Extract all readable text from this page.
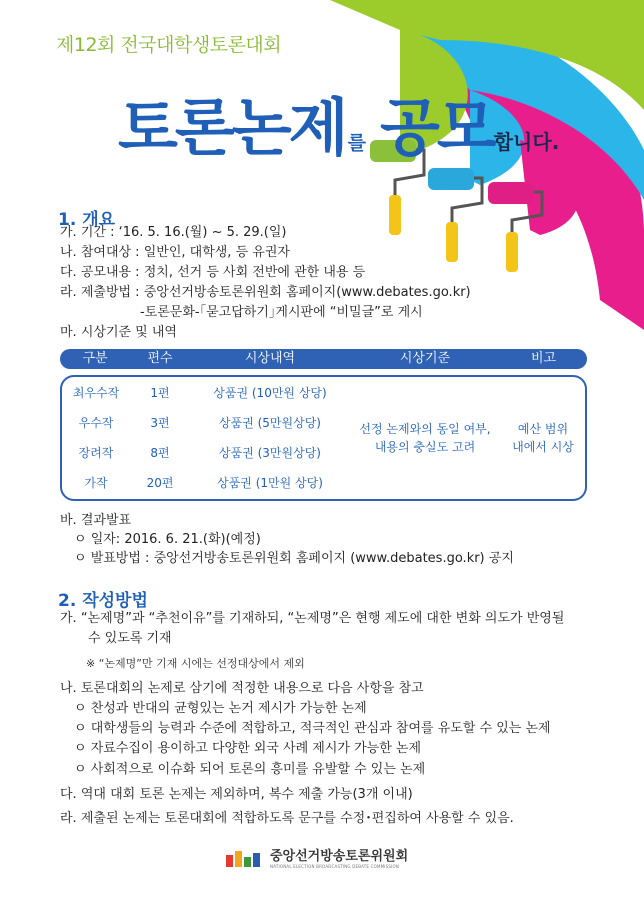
제12회 전국대학생토론대회
토론논제 를 공모합니다.
1. 개요
가. 기간 : ‘16. 5. 16.(월) ~ 5. 29.(일)
나. 참여대상 : 일반인, 대학생, 등 유권자
다. 공모내용 : 정치, 선거 등 사회 전반에 관한 내용 등
라. 제출방법 : 중앙선거방송토론위원회 홈페이지(www.debates.go.kr)
-토론문화-｢묻고답하기｣게시판에 “비밀글”로 게시
마. 시상기준 및 내역
구분	편수	시상내역	시상기준	비고
최우수작	1편	상품권 (10만원 상당)
우수작	3편	상품권 (5만원상당)
장려작	8편	상품권 (3만원상당)
가작	20편	상품권 (1만원 상당)
선정 논제와의 동일 여부,
내용의 충실도 고려
예산 범위
내에서 시상
바. 결과발표
ㅇ 일자: 2016. 6. 21.(화)(예정)
ㅇ 발표방법 : 중앙선거방송토론위원회 홈페이지 (www.debates.go.kr) 공지
2. 작성방법
가. “논제명”과 “추천이유”를 기재하되, “논제명”은 현행 제도에 대한 변화 의도가 반영될
수 있도록 기재
※ “논제명”만 기재 시에는 선정대상에서 제외
나. 토론대회의 논제로 삼기에 적정한 내용으로 다음 사항을 참고
ㅇ 찬성과 반대의 균형있는 논거 제시가 가능한 논제
ㅇ 대학생들의 능력과 수준에 적합하고, 적극적인 관심과 참여를 유도할 수 있는 논제
ㅇ 자료수집이 용이하고 다양한 외국 사례 제시가 가능한 논제
ㅇ 사회적으로 이슈화 되어 토론의 흥미를 유발할 수 있는 논제
다. 역대 대회 토론 논제는 제외하며, 복수 제출 가능(3개 이내)
라. 제출된 논제는 토론대회에 적합하도록 문구를 수정･편집하여 사용할 수 있음.
중앙선거방송토론위원회
NATIONAL ELECTION BROADCASTING DEBATE COMMISSION
